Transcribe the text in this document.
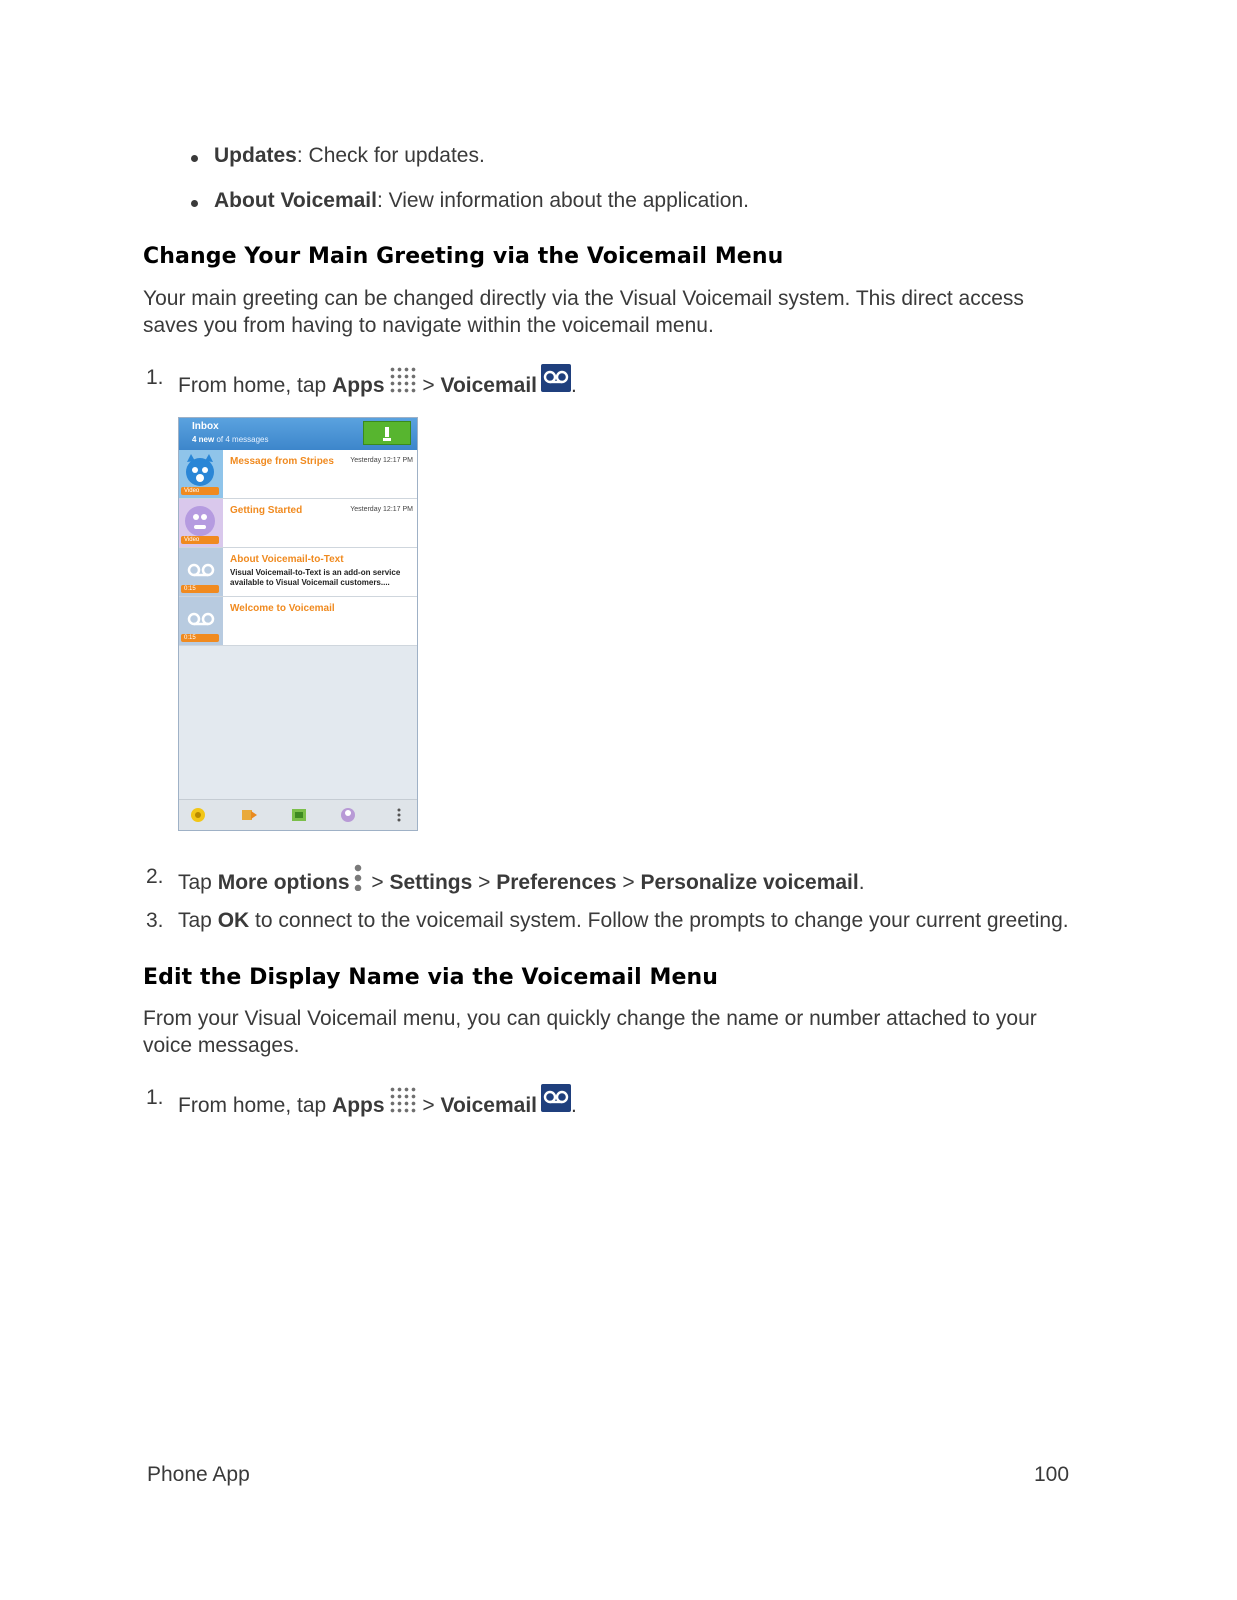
Updates: Check for updates.
About Voicemail: View information about the application.
Change Your Main Greeting via the Voicemail Menu
Your main greeting can be changed directly via the Visual Voicemail system. This direct access saves you from having to navigate within the voicemail menu.
1. From home, tap Apps > Voicemail .
Inbox
4 new of 4 messages
Video
Message from Stripes Yesterday 12:17 PM
Video
Getting Started	Yesterday 12:17 PM
0:15
About Voicemail-to-Text
Visual Voicemail-to-Text is an add-on service
available to Visual Voicemail customers....
0:15
Welcome to Voicemail
2. Tap More options > Settings > Preferences > Personalize voicemail.
3. Tap OK to connect to the voicemail system. Follow the prompts to change your current greeting.
Edit the Display Name via the Voicemail Menu
From your Visual Voicemail menu, you can quickly change the name or number attached to your voice messages.
1. From home, tap Apps > Voicemail .
Phone App	100
